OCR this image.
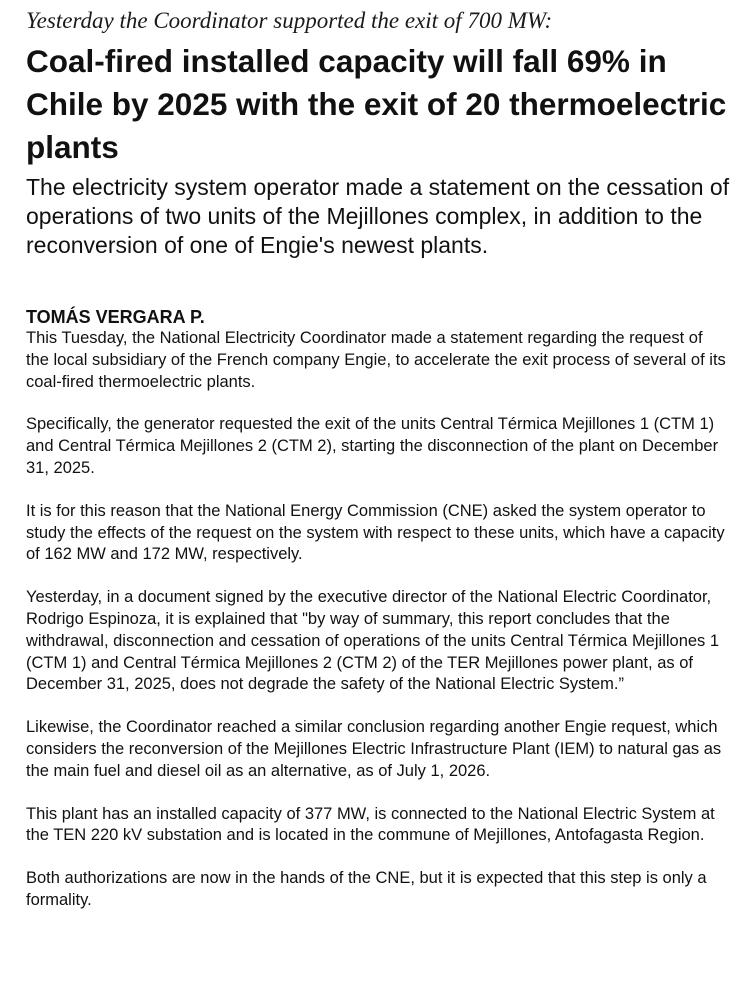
Yesterday the Coordinator supported the exit of 700 MW:
Coal-fired installed capacity will fall 69% in Chile by 2025 with the exit of 20 thermoelectric plants
The electricity system operator made a statement on the cessation of operations of two units of the Mejillones complex, in addition to the reconversion of one of Engie's newest plants.
TOMÁS VERGARA P.

This Tuesday, the National Electricity Coordinator made a statement regarding the request of the local subsidiary of the French company Engie, to accelerate the exit process of several of its coal-fired thermoelectric plants.

Specifically, the generator requested the exit of the units Central Térmica Mejillones 1 (CTM 1) and Central Térmica Mejillones 2 (CTM 2), starting the disconnection of the plant on December 31, 2025.

It is for this reason that the National Energy Commission (CNE) asked the system operator to study the effects of the request on the system with respect to these units, which have a capacity of 162 MW and 172 MW, respectively.

Yesterday, in a document signed by the executive director of the National Electric Coordinator, Rodrigo Espinoza, it is explained that "by way of summary, this report concludes that the withdrawal, disconnection and cessation of operations of the units Central Térmica Mejillones 1 (CTM 1) and Central Térmica Mejillones 2 (CTM 2) of the TER Mejillones power plant, as of December 31, 2025, does not degrade the safety of the National Electric System.”

Likewise, the Coordinator reached a similar conclusion regarding another Engie request, which considers the reconversion of the Mejillones Electric Infrastructure Plant (IEM) to natural gas as the main fuel and diesel oil as an alternative, as of July 1, 2026.

This plant has an installed capacity of 377 MW, is connected to the National Electric System at the TEN 220 kV substation and is located in the commune of Mejillones, Antofagasta Region.

Both authorizations are now in the hands of the CNE, but it is expected that this step is only a formality.
